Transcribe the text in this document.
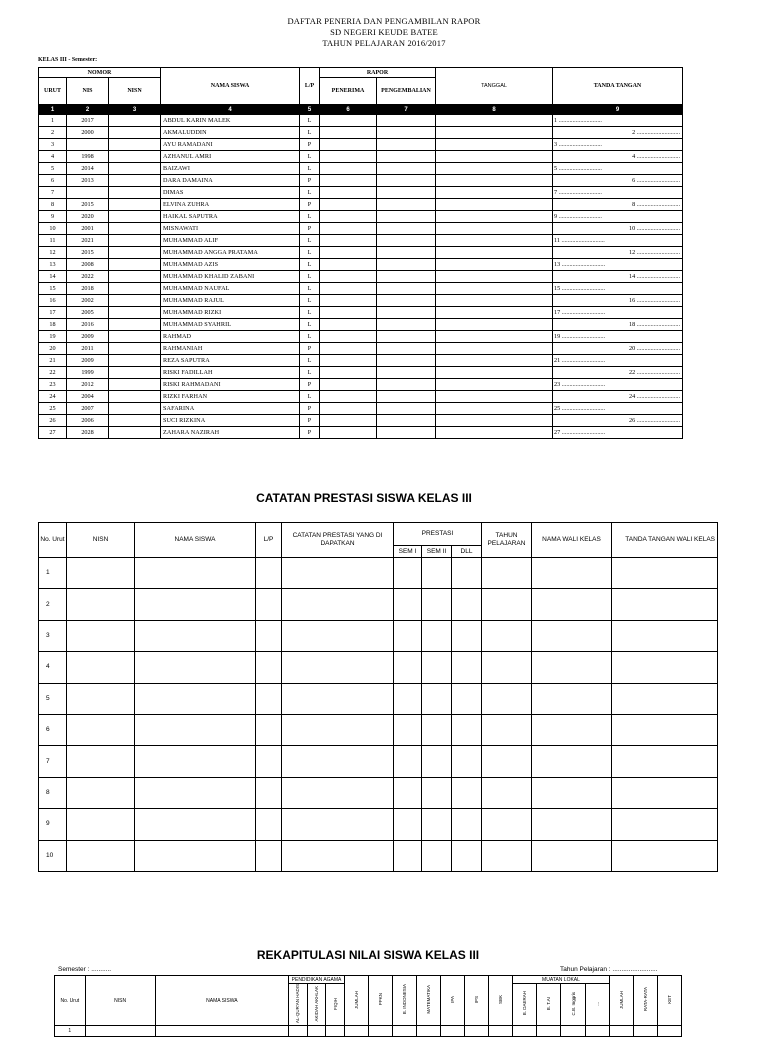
DAFTAR PENERIA DAN PENGAMBILAN RAPOR
SD NEGERI KEUDE BATEE
TAHUN PELAJARAN 2016/2017
KELAS III - Semester:
NOMOR			NAMA SISWA	L/P	RAPOR		TANGGAL	TANDA TANGAN
URUT	NIS	NISN			PENERIMA	PENGEMBALIAN		
1	2	3	4	5	6	7	8	9
1	2017		ABDUL KARIN MALEK	L				1 ............................
2	2000		AKMALUDDIN	L				2 ............................
3			AYU RAMADANI	P				3 ............................
4	1998		AZHANUL AMRI	L				4 ............................
5	2014		BAIZAWI	L				5 ............................
6	2013		DARA DAMAINA	P				6 ............................
7			DIMAS	L				7 ............................
8	2015		ELVINA ZUHRA	P				8 ............................
9	2020		HAIKAL SAPUTRA	L				9 ............................
10	2001		MISNAWATI	P				10 ............................
11	2021		MUHAMMAD ALIF	L				11 ............................
12	2015		MUHAMMAD ANGGA PRATAMA	L				12 ............................
13	2008		MUHAMMAD AZIS	L				13 ............................
14	2022		MUHAMMAD KHALID ZABANI	L				14 ............................
15	2018		MUHAMMAD NAUFAL	L				15 ............................
16	2002		MUHAMMAD RAJUL	L				16 ............................
17	2005		MUHAMMAD RIZKI	L				17 ............................
18	2016		MUHAMMAD SYAHRIL	L				18 ............................
19	2009		RAHMAD	L				19 ............................
20	2011		RAHMANIAH	P				20 ............................
21	2009		REZA SAPUTRA	L				21 ............................
22	1999		RISKI FADILLAH	L				22 ............................
23	2012		RISKI RAHMADANI	P				23 ............................
24	2004		RIZKI FARHAN	L				24 ............................
25	2007		SAFARINA	P				25 ............................
26	2006		SUCI RIZKINA	P				26 ............................
27	2028		ZAHARA NAZIRAH	P				27 ............................
CATATAN PRESTASI SISWA KELAS III
No. Urut	NISN	NAMA SISWA	L/P	CATATAN PRESTASI YANG DI DAPATKAN	PRESTASI			TAHUN PELAJARAN	NAMA WALI KELAS	TANDA TANGAN WALI KELAS
					SEM I	SEM II	DLL			
1										
2										
3										
4										
5										
6										
7										
8										
9										
10										
REKAPITULASI NILAI SISWA KELAS III
Semester : ...........	Tahun Pelajaran : .........................
No. Urut	NISN	NAMA SISWA	PENDIDIKAN AGAMA			JUMLAH	PPKN	B. INDONESIA	MATEMATIKA	IPA	IPS	SBK	MUATAN LOKAL				JUMLAH	RATA-RATA	KET
			AL-QUR'AN HADIS	AKIDAH AKHLAK	FIQIH								B. DAERAH	B. T.AI	C.B. Inggris	...			
1																			
